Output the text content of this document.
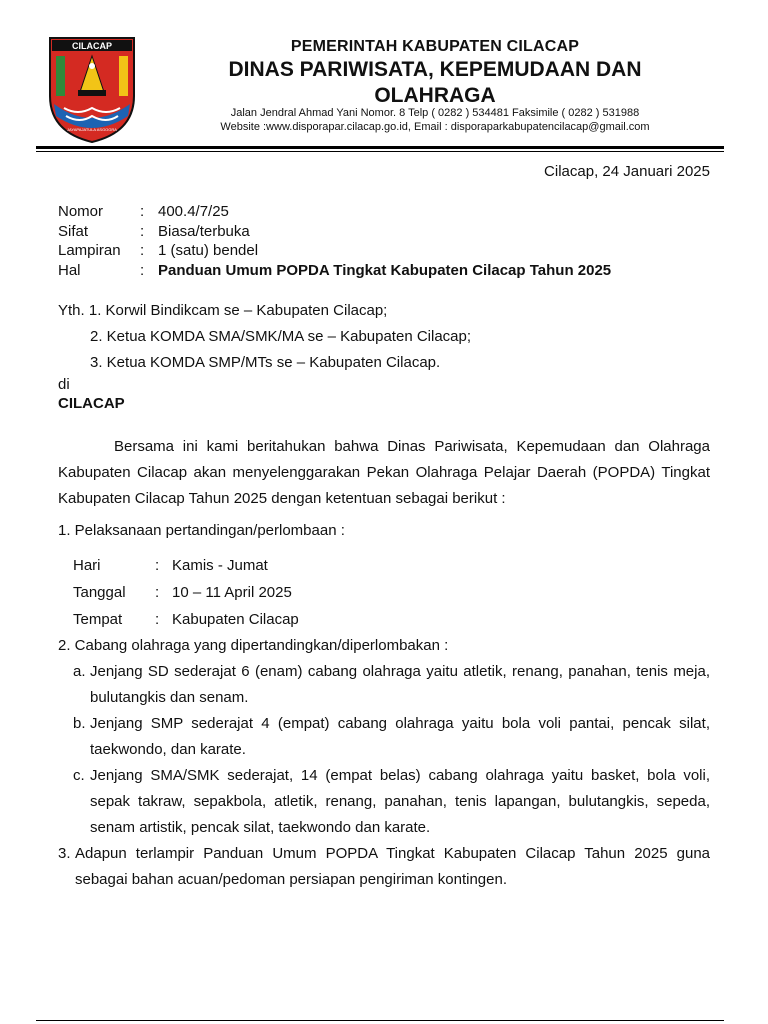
CILACAP
JAYAPAJATULA ASGOGRA
PEMERINTAH KABUPATEN CILACAP
DINAS PARIWISATA, KEPEMUDAAN DAN
OLAHRAGA
Jalan Jendral Ahmad Yani Nomor. 8 Telp ( 0282 ) 534481 Faksimile ( 0282 ) 531988
Website :www.disporapar.cilacap.go.id, Email : disporaparkabupatencilacap@gmail.com
Cilacap, 24 Januari 2025
Nomor	: 400.4/7/25
Sifat	: Biasa/terbuka
Lampiran	: 1 (satu) bendel
Hal	: Panduan Umum POPDA Tingkat Kabupaten Cilacap Tahun 2025
Yth. 1. Korwil Bindikcam se – Kabupaten Cilacap;
2. Ketua KOMDA SMA/SMK/MA se – Kabupaten Cilacap;
3. Ketua KOMDA SMP/MTs se – Kabupaten Cilacap.
di
CILACAP

Bersama ini kami beritahukan bahwa Dinas Pariwisata, Kepemudaan dan Olahraga Kabupaten Cilacap akan menyelenggarakan Pekan Olahraga Pelajar Daerah (POPDA) Tingkat Kabupaten Cilacap Tahun 2025 dengan ketentuan sebagai berikut :

1. Pelaksanaan pertandingan/perlombaan :
Hari	: Kamis - Jumat
Tanggal	: 10 – 11 April 2025
Tempat	: Kabupaten Cilacap
2. Cabang olahraga yang dipertandingkan/diperlombakan :
a. Jenjang SD sederajat 6 (enam) cabang olahraga yaitu atletik, renang, panahan, tenis meja, bulutangkis dan senam.
b. Jenjang SMP sederajat 4 (empat) cabang olahraga yaitu bola voli pantai, pencak silat, taekwondo, dan karate.
c. Jenjang SMA/SMK sederajat, 14 (empat belas) cabang olahraga yaitu basket, bola voli, sepak takraw, sepakbola, atletik, renang, panahan, tenis lapangan, bulutangkis, sepeda, senam artistik, pencak silat, taekwondo dan karate.
3. Adapun terlampir Panduan Umum POPDA Tingkat Kabupaten Cilacap Tahun 2025 guna sebagai bahan acuan/pedoman persiapan pengiriman kontingen.
